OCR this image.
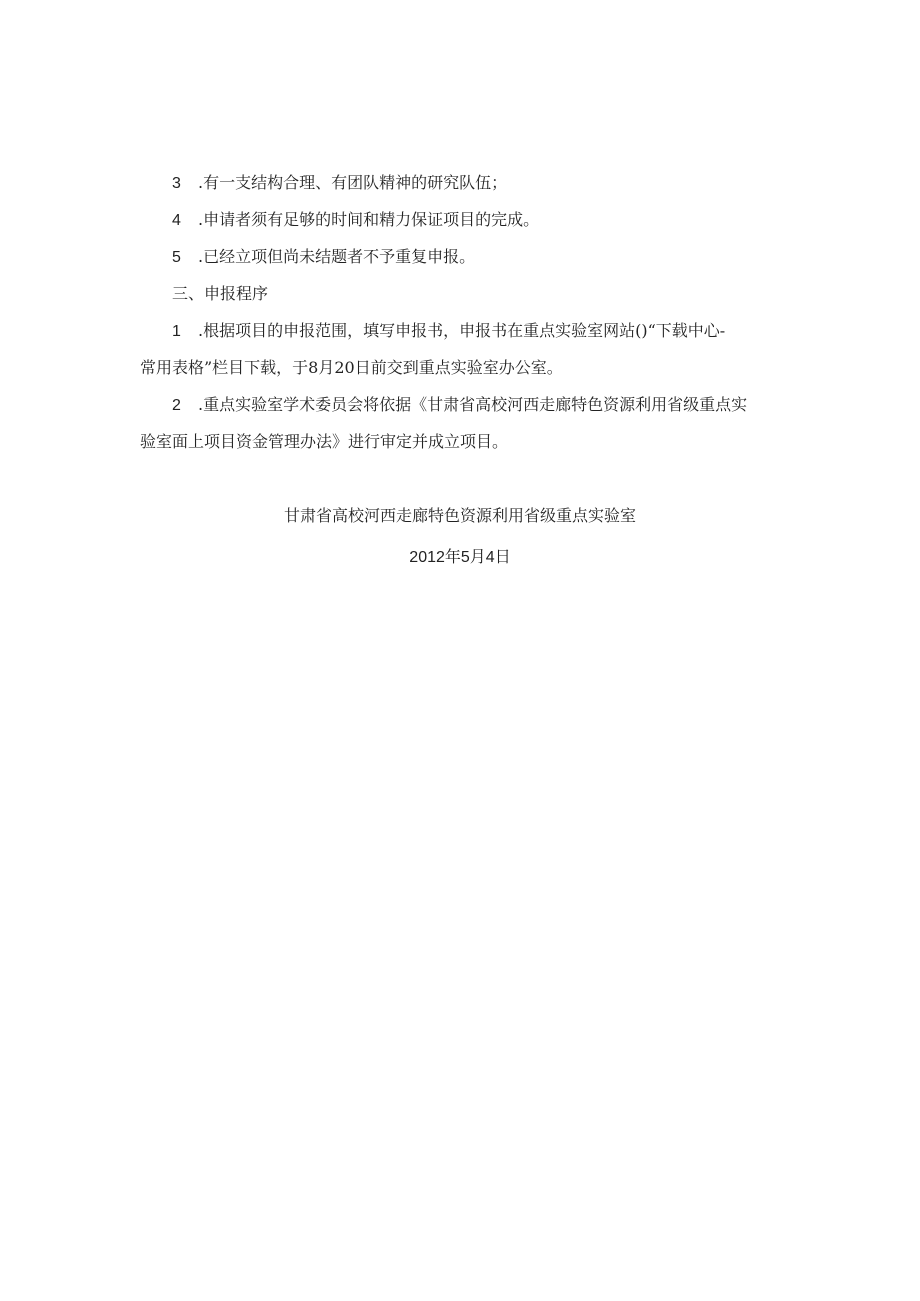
3 .有一支结构合理、有团队精神的研究队伍；
4 .申请者须有足够的时间和精力保证项目的完成。
5 .已经立项但尚未结题者不予重复申报。
三、申报程序
1 .根据项目的申报范围，填写申报书，申报书在重点实验室网站()“下载中心-
常用表格”栏目下载，于8月20日前交到重点实验室办公室。
2 .重点实验室学术委员会将依据《甘肃省高校河西走廊特色资源利用省级重点实
验室面上项目资金管理办法》进行审定并成立项目。
甘肃省高校河西走廊特色资源利用省级重点实验室
2012年5月4日
